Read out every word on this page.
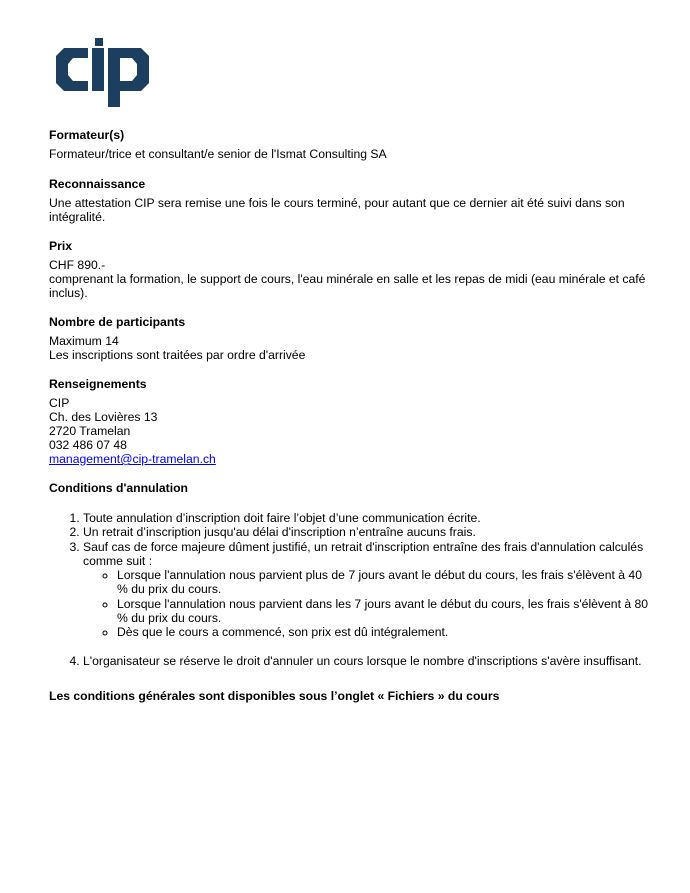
Formateur(s)
Formateur/trice et consultant/e senior de l'Ismat Consulting SA
Reconnaissance
Une attestation CIP sera remise une fois le cours terminé, pour autant que ce dernier ait été suivi dans son
intégralité.
Prix
CHF 890.-
comprenant la formation, le support de cours, l'eau minérale en salle et les repas de midi (eau minérale et café
inclus).
Nombre de participants
Maximum 14
Les inscriptions sont traitées par ordre d'arrivée
Renseignements
CIP
Ch. des Lovières 13
2720 Tramelan
032 486 07 48
management@cip-tramelan.ch
Conditions d'annulation
1. Toute annulation d’inscription doit faire l’objet d’une communication écrite.
2. Un retrait d’inscription jusqu'au délai d'inscription n’entraîne aucuns frais.
3. Sauf cas de force majeure dûment justifié, un retrait d'inscription entraîne des frais d'annulation calculés comme suit :
◦ Lorsque l'annulation nous parvient plus de 7 jours avant le début du cours, les frais s'élèvent à 40 % du prix du cours.
◦ Lorsque l'annulation nous parvient dans les 7 jours avant le début du cours, les frais s'élèvent à 80 % du prix du cours.
◦ Dès que le cours a commencé, son prix est dû intégralement.
4. L'organisateur se réserve le droit d'annuler un cours lorsque le nombre d'inscriptions s'avère insuffisant.
Les conditions générales sont disponibles sous l’onglet « Fichiers » du cours
